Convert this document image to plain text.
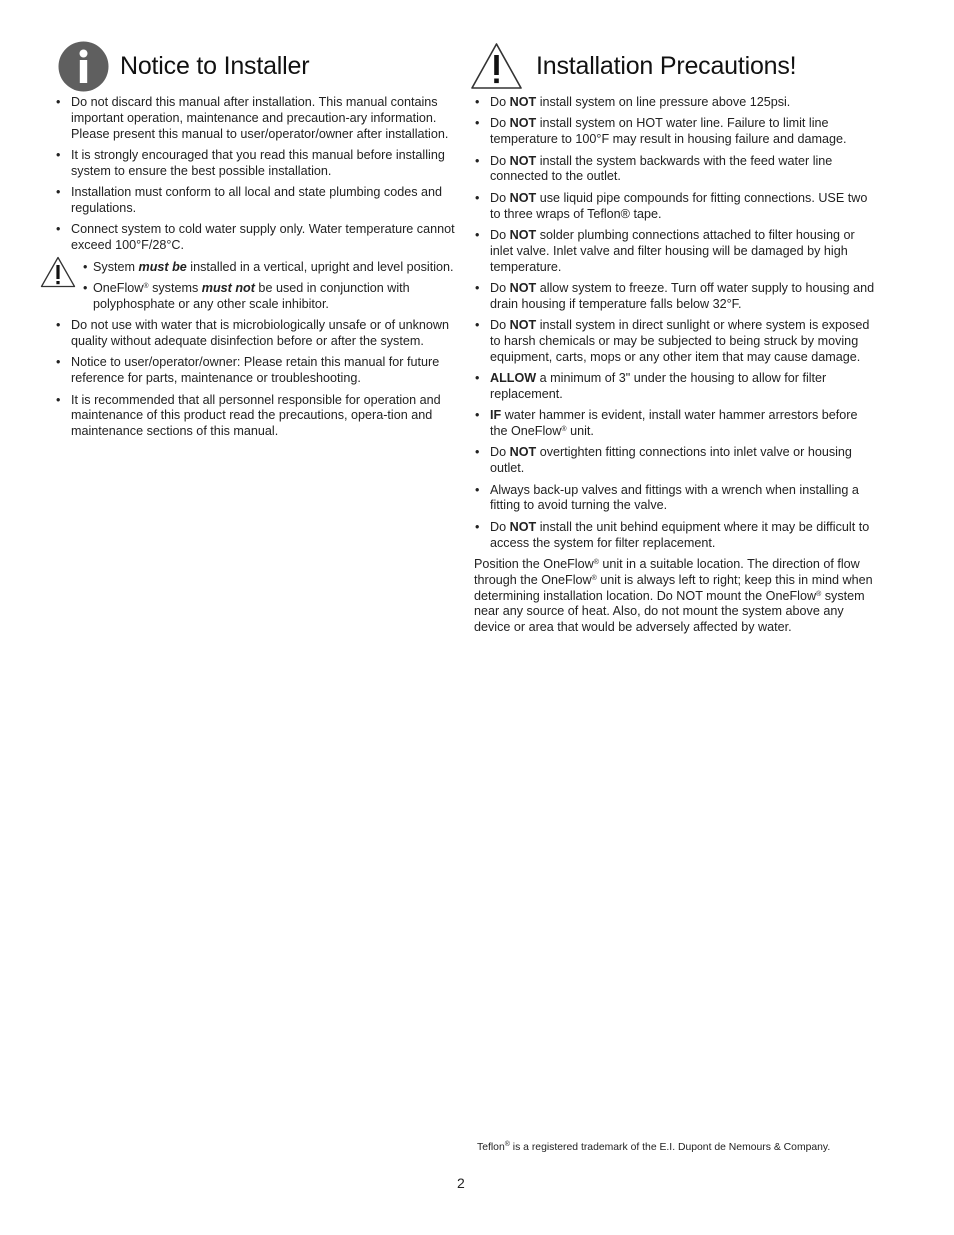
Notice to Installer
• Do not discard this manual after installation. This manual contains important operation, maintenance and precaution-ary information. Please present this manual to user/operator/owner after installation.
• It is strongly encouraged that you read this manual before installing system to ensure the best possible installation.
• Installation must conform to all local and state plumbing codes and regulations.
• Connect system to cold water supply only. Water temperature cannot exceed 100°F/28°C.
• System must be installed in a vertical, upright and level position.
• OneFlow® systems must not be used in conjunction with polyphosphate or any other scale inhibitor.
• Do not use with water that is microbiologically unsafe or of unknown quality without adequate disinfection before or after the system.
• Notice to user/operator/owner: Please retain this manual for future reference for parts, maintenance or troubleshooting.
• It is recommended that all personnel responsible for operation and maintenance of this product read the precautions, opera-tion and maintenance sections of this manual.
Installation Precautions!
• Do NOT install system on line pressure above 125psi.
• Do NOT install system on HOT water line. Failure to limit line temperature to 100°F may result in housing failure and damage.
• Do NOT install the system backwards with the feed water line connected to the outlet.
• Do NOT use liquid pipe compounds for fitting connections. USE two to three wraps of Teflon® tape.
• Do NOT solder plumbing connections attached to filter housing or inlet valve. Inlet valve and filter housing will be damaged by high temperature.
• Do NOT allow system to freeze. Turn off water supply to housing and drain housing if temperature falls below 32°F.
• Do NOT install system in direct sunlight or where system is exposed to harsh chemicals or may be subjected to being struck by moving equipment, carts, mops or any other item that may cause damage.
• ALLOW a minimum of 3" under the housing to allow for filter replacement.
• IF water hammer is evident, install water hammer arrestors before the OneFlow® unit.
• Do NOT overtighten fitting connections into inlet valve or housing outlet.
• Always back-up valves and fittings with a wrench when installing a fitting to avoid turning the valve.
• Do NOT install the unit behind equipment where it may be difficult to access the system for filter replacement.

Position the OneFlow® unit in a suitable location. The direction of flow through the OneFlow® unit is always left to right; keep this in mind when determining installation location. Do NOT mount the OneFlow® system near any source of heat. Also, do not mount the system above any device or area that would be adversely affected by water.

Teflon® is a registered trademark of the E.I. Dupont de Nemours & Company.
2
